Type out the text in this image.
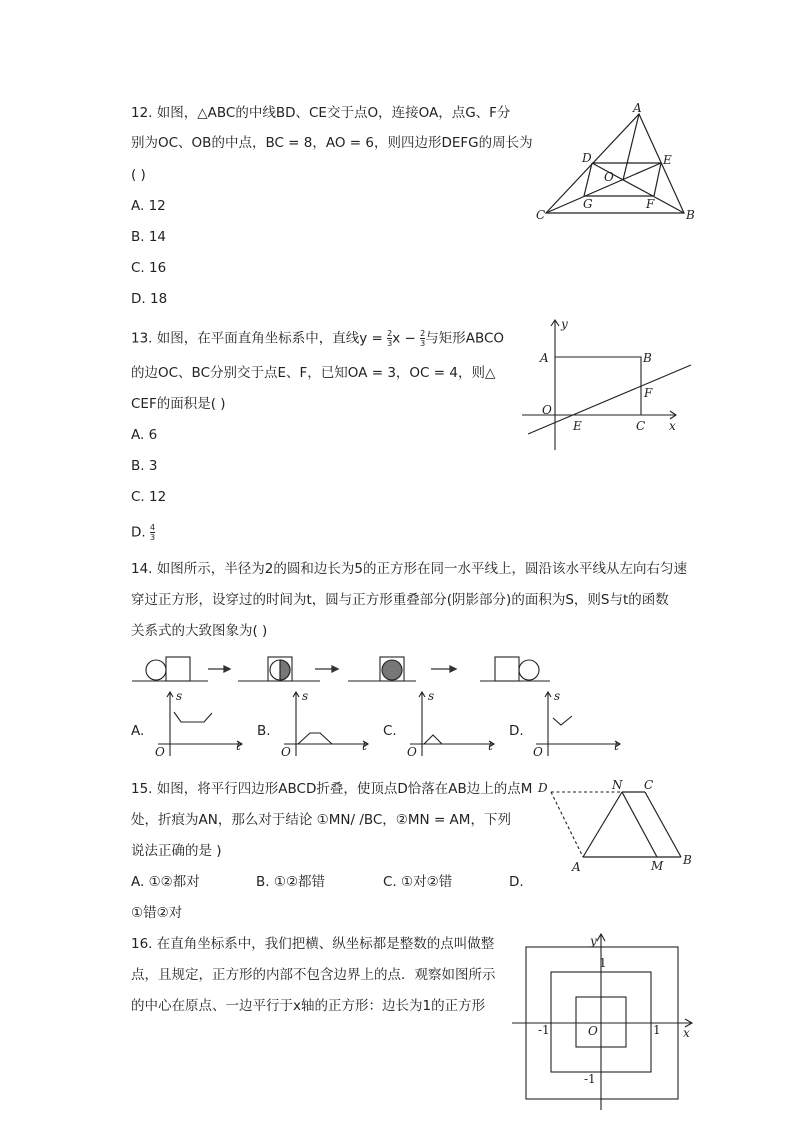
12. 如图，△ABC的中线BD、CE交于点O，连接OA，点G、F分
别为OC、OB的中点，BC = 8，AO = 6，则四边形DEFG的周长为
( )
A. 12
B. 14
C. 16
D. 18
A
B
C
D	E
O
G	F
13. 如图，在平面直角坐标系中，直线$y = \frac{2}{3}$ $x - \frac{2}{3}$ 与矩形ABCO
的边OC、BC分别交于点E、F，已知OA = 3，OC = 4，则△
CEF的面积是( )
A. 6
B. 3
C. 12
D. $\frac{4}{3}$
y
A	B
F
O
E	C x
14. 如图所示，半径为2的圆和边长为5的正方形在同一水平线上，圆沿该水平线从左向右匀速
穿过正方形，设穿过的时间为t，圆与正方形重叠部分(阴影部分)的面积为S，则S与t的函数
关系式的大致图象为( )
A.
s
t
O
B.
s
t
O
C.
s
t
O
D.
s
t
O
15. 如图，将平行四边形ABCD折叠，使顶点D恰落在AB边上的点M
处，折痕为AN，那么对于结论 ①MN/ /BC，②MN = AM，下列
说法正确的是 )
A. ①②都对	B. ①②都错	C. ①对②错	D.
①错②对
D	N C
A	M B
16. 在直角坐标系中，我们把横、纵坐标都是整数的点叫做整
点，且规定，正方形的内部不包含边界上的点．观察如图所示
的中心在原点、一边平行于x轴的正方形：边长为1的正方形
y
x
O
1
1
-1
-1
